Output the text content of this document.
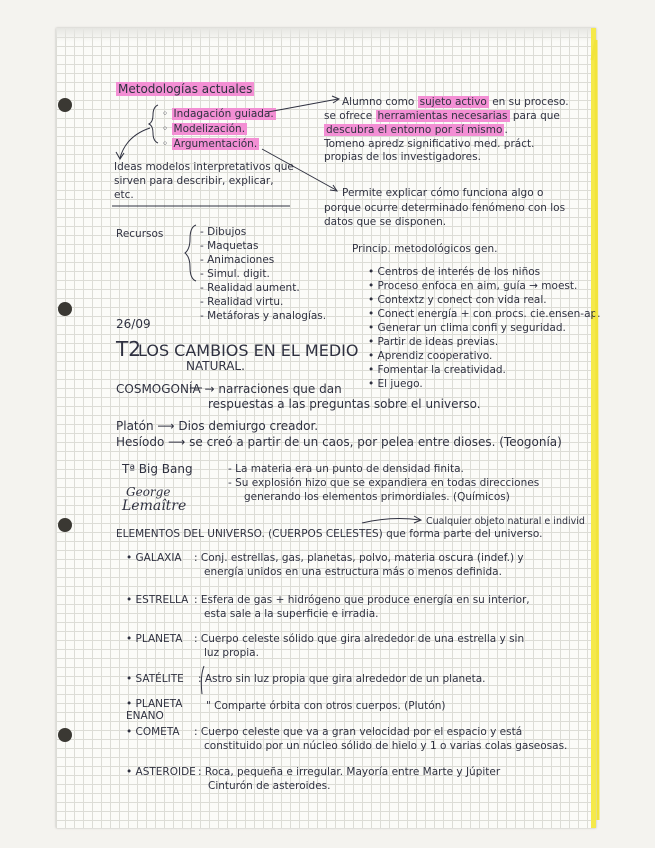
Metodologías actuales
◦ Indagación guiada.
◦ Modelización.
◦ Argumentación.
Alumno como sujeto activo en su proceso.
se ofrece herramientas necesarias para que
descubra el entorno por sí mismo .
Tomeno apredz significativo med. práct.
propias de los investigadores.
Ideas modelos interpretativos que
sirven para describir, explicar,
etc.	Permite explicar cómo funciona algo o
porque ocurre determinado fenómeno con los
datos que se disponen.
Recursos	- Dibujos
- Maquetas
- Animaciones
- Simul. digit.
- Realidad aument.
- Realidad virtu.
- Metáforas y analogías.
Princip. metodológicos gen.
• Centros de interés de los niños
• Proceso enfoca en aim, guía → moest.
• Contextz y conect con vida real.
• Conect energía + con procs. cie.ensen-ap.
• Generar un clima confi y seguridad.
• Partir de ideas previas.
• Aprendiz cooperativo.
• Fomentar la creatividad.
• El juego.
26/09
T2
LOS CAMBIOS EN EL MEDIO
NATURAL.
COSMOGONÍA → narraciones que dan
respuestas a las preguntas sobre el universo.
Platón ⟶ Dios demiurgo creador.
Hesíodo ⟶ se creó a partir de un caos, por pelea entre dioses. (Teogonía)
Tª Big Bang
George
Lemaître
- La materia era un punto de densidad finita.
- Su explosión hizo que se expandiera en todas direcciones
generando los elementos primordiales. (Químicos)
Cualquier objeto natural e individ
ELEMENTOS DEL UNIVERSO. (CUERPOS CELESTES) que forma parte del universo.
• GALAXIA : Conj. estrellas, gas, planetas, polvo, materia oscura (indef.) y
energía unidos en una estructura más o menos definida.
• ESTRELLA : Esfera de gas + hidrógeno que produce energía en su interior,
esta sale a la superficie e irradia.
• PLANETA : Cuerpo celeste sólido que gira alrededor de una estrella y sin
luz propia.
• SATÉLITE : Astro sin luz propia que gira alrededor de un planeta.
• PLANETA ENANO
" Comparte órbita con otros cuerpos. (Plutón)
• COMETA : Cuerpo celeste que va a gran velocidad por el espacio y está
constituido por un núcleo sólido de hielo y 1 o varias colas gaseosas.
• ASTEROIDE : Roca, pequeña e irregular. Mayoría entre Marte y Júpiter
Cinturón de asteroides.
